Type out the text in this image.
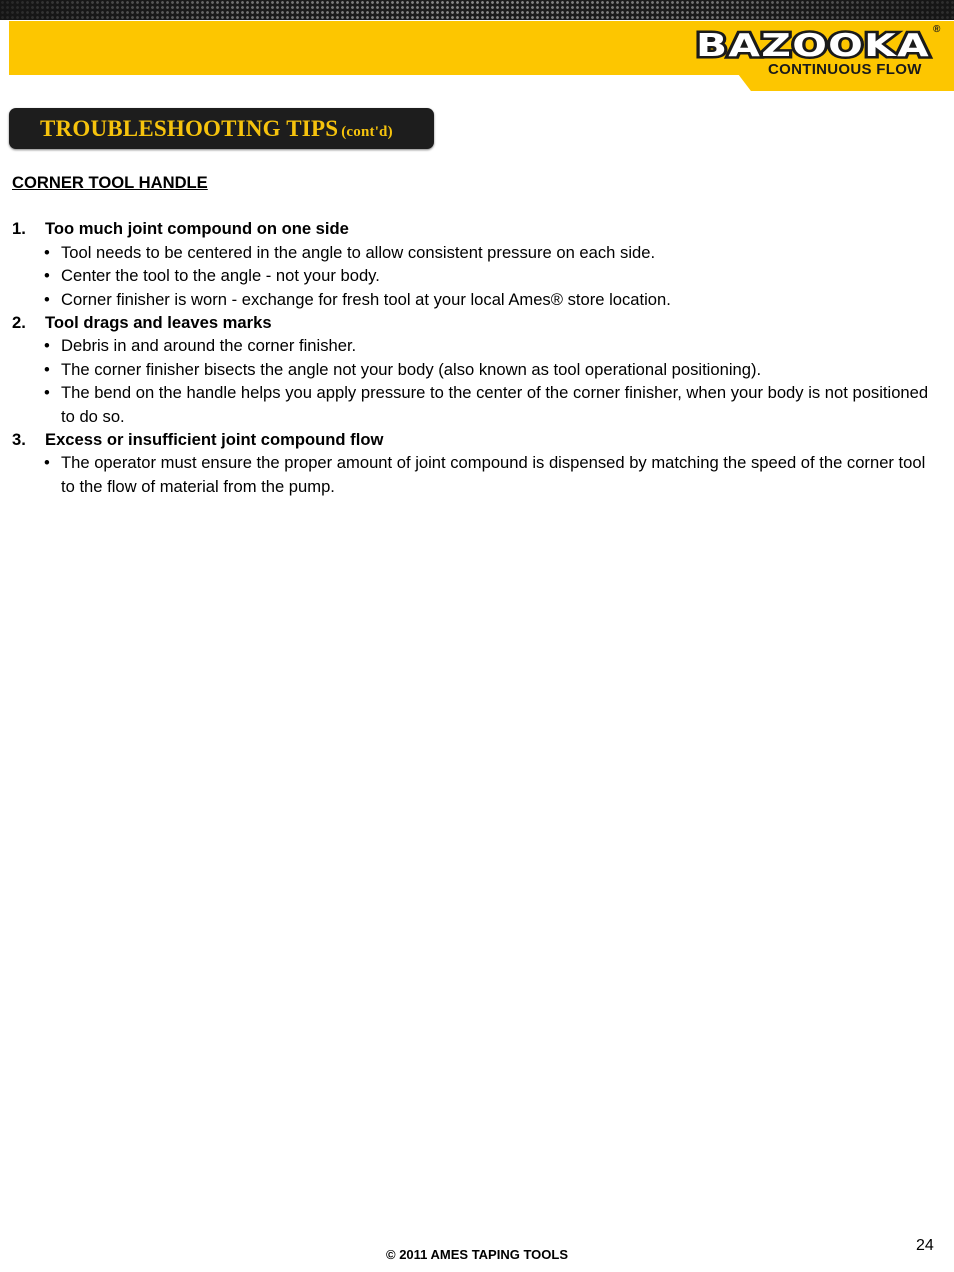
BAZOOKA ®
CONTINUOUS FLOW
TROUBLESHOOTING TIPS (cont'd)
CORNER TOOL HANDLE
1.	Too much joint compound on one side
• Tool needs to be centered in the angle to allow consistent pressure on each side.
• Center the tool to the angle - not your body.
• Corner finisher is worn - exchange for fresh tool at your local Ames® store location.
2.	Tool drags and leaves marks
• Debris in and around the corner finisher.
• The corner finisher bisects the angle not your body (also known as tool operational positioning).
• The bend on the handle helps you apply pressure to the center of the corner finisher, when your body is not positioned to do so.
3.	Excess or insufficient joint compound flow
• The operator must ensure the proper amount of joint compound is dispensed by matching the speed of the corner tool to the flow of material from the pump.
© 2011 AMES TAPING TOOLS
24
